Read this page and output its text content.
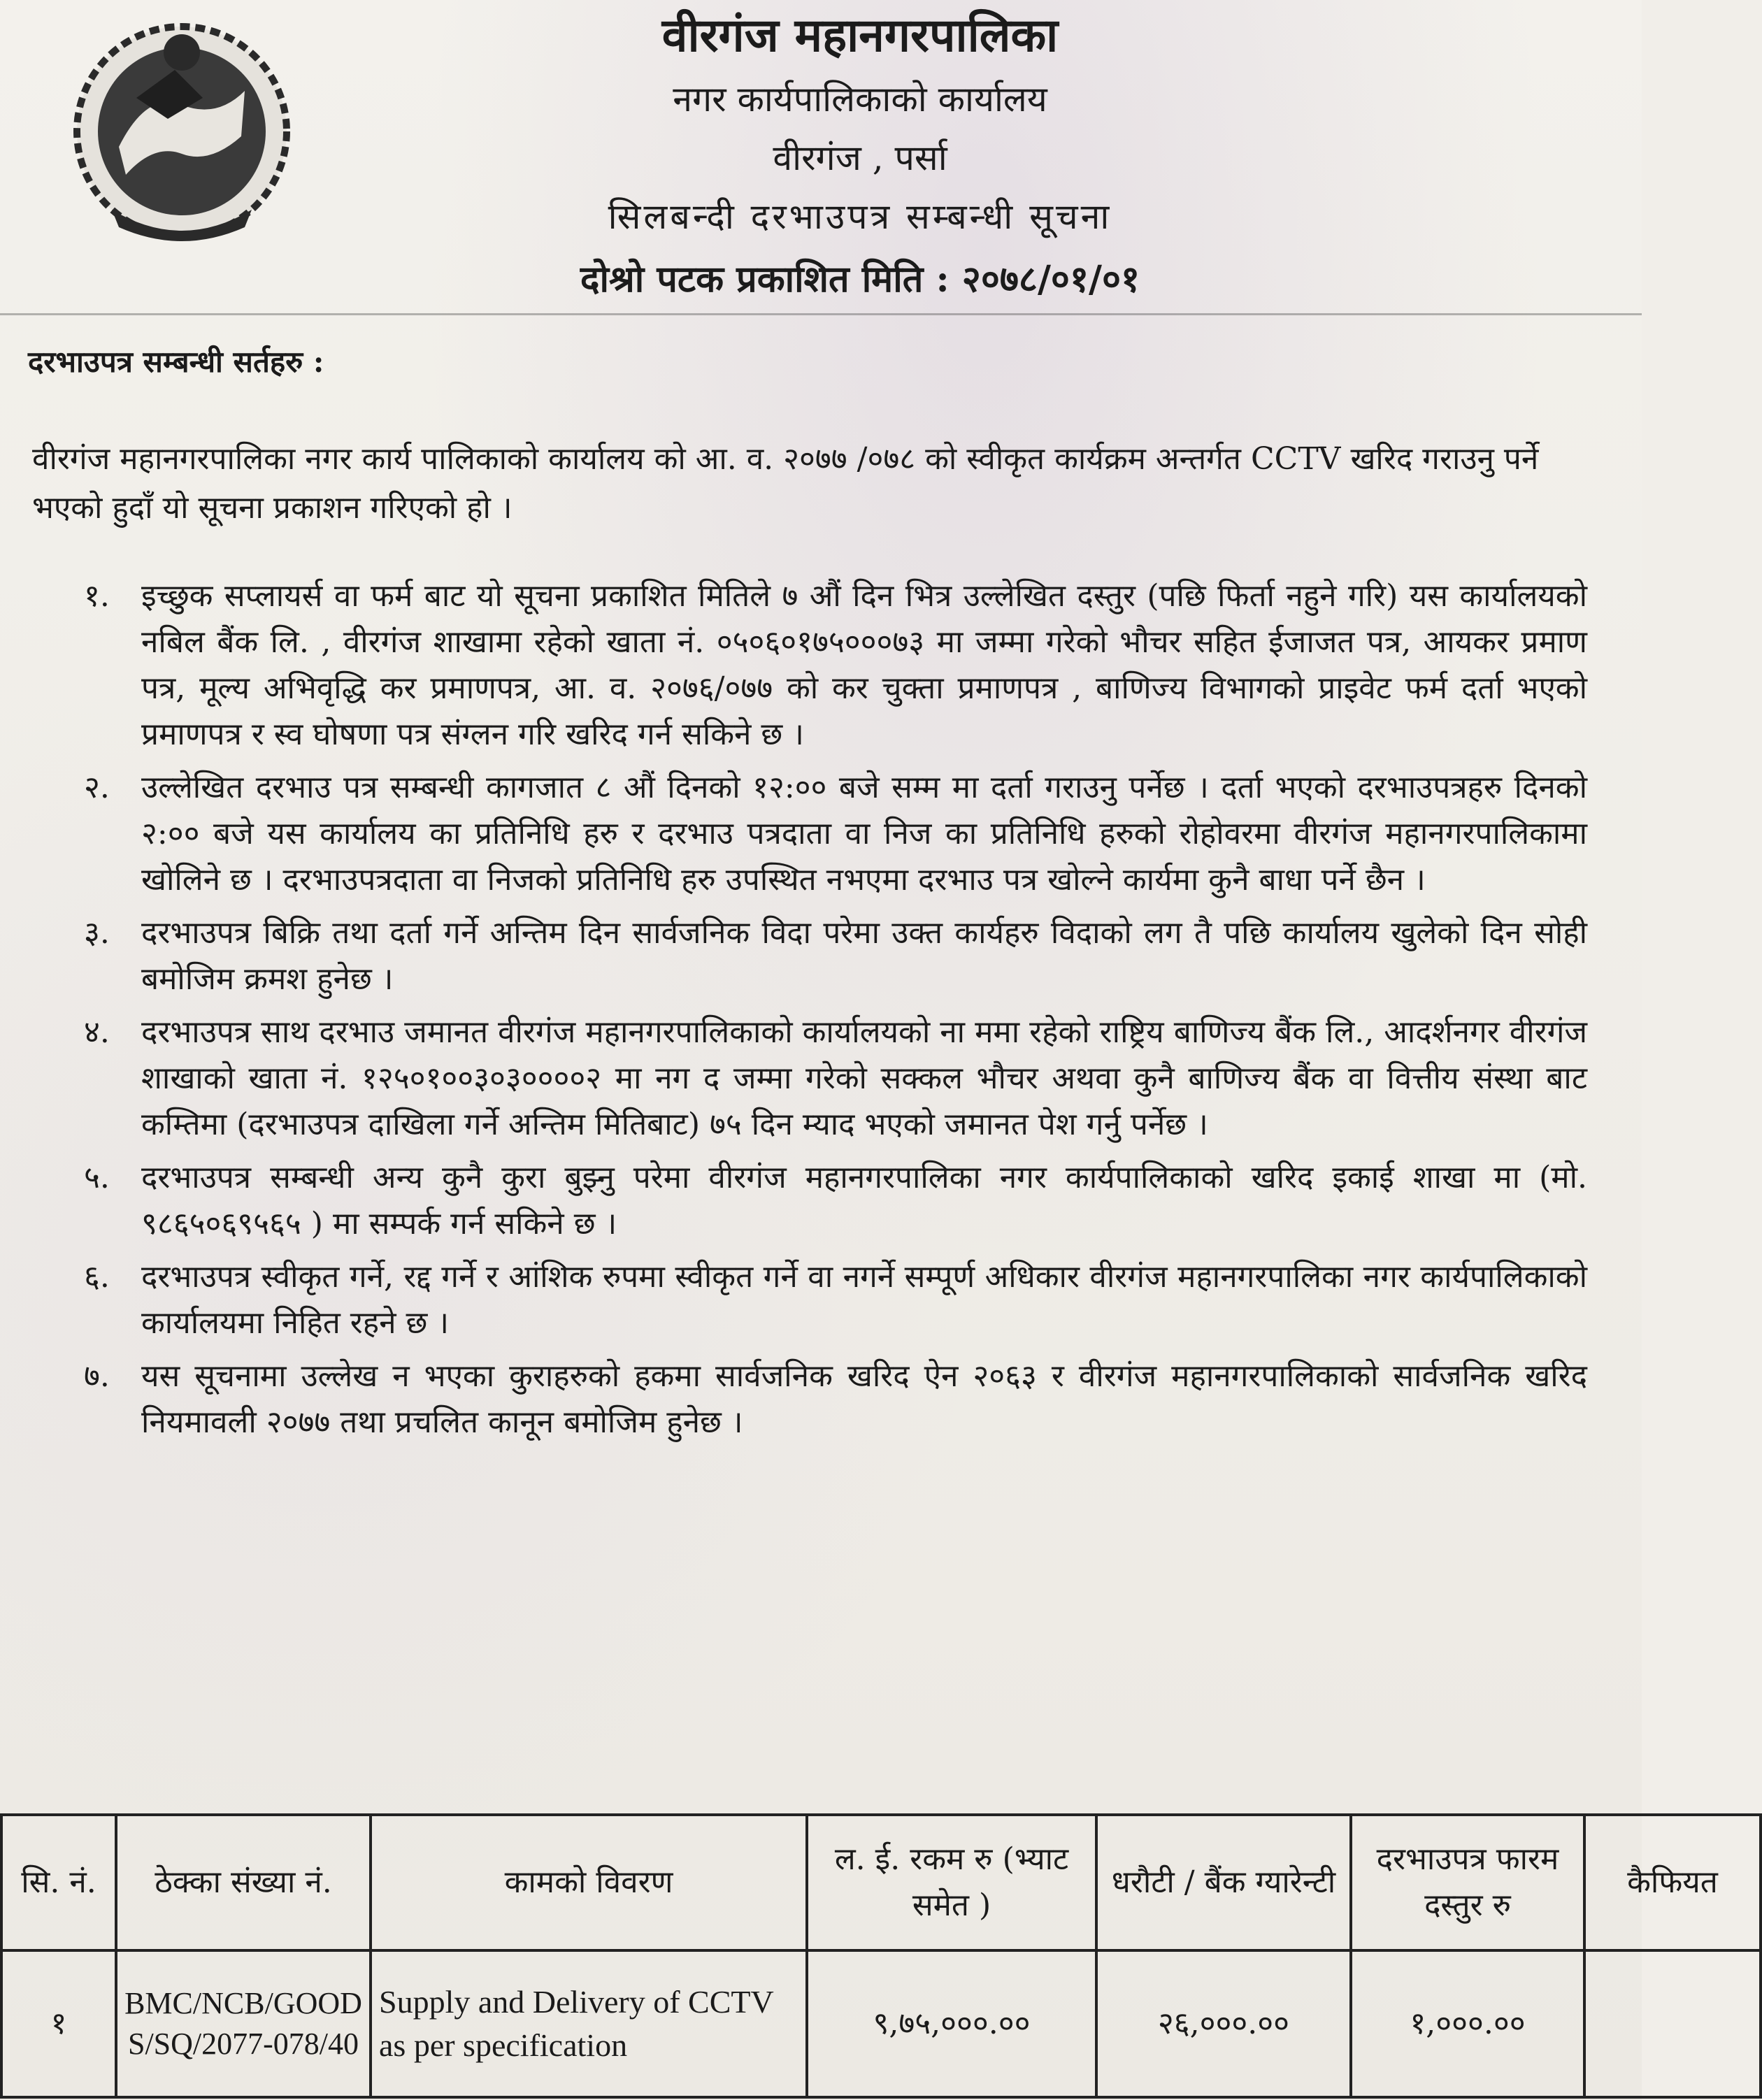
वीरगंज महानगरपालिका
नगर कार्यपालिकाको कार्यालय
वीरगंज , पर्सा
सिलबन्दी दरभाउपत्र सम्बन्धी सूचना
दोश्रो पटक प्रकाशित मिति : २०७८/०१/०१
दरभाउपत्र सम्बन्धी सर्तहरु :
वीरगंज महानगरपालिका नगर कार्य पालिकाको कार्यालय को आ. व. २०७७ /०७८ को स्वीकृत कार्यक्रम अन्तर्गत CCTV खरिद गराउनु पर्ने भएको हुदाँ यो सूचना प्रकाशन गरिएको हो ।
१.	इच्छुक सप्लायर्स वा फर्म बाट यो सूचना प्रकाशित मितिले ७ औं दिन भित्र उल्लेखित दस्तुर (पछि फिर्ता नहुने गरि) यस कार्यालयको नबिल बैंक लि. , वीरगंज शाखामा रहेको खाता नं. ०५०६०१७५०००७३ मा जम्मा गरेको भौचर सहित ईजाजत पत्र, आयकर प्रमाण पत्र, मूल्य अभिवृद्धि कर प्रमाणपत्र, आ. व. २०७६/०७७ को कर चुक्ता प्रमाणपत्र , बाणिज्य विभागको प्राइवेट फर्म दर्ता भएको प्रमाणपत्र र स्व घोषणा पत्र संग्लन गरि खरिद गर्न सकिने छ ।
२.	उल्लेखित दरभाउ पत्र सम्बन्धी कागजात ८ औं दिनको १२:०० बजे सम्म मा दर्ता गराउनु पर्नेछ । दर्ता भएको दरभाउपत्रहरु दिनको २:०० बजे यस कार्यालय का प्रतिनिधि हरु र दरभाउ पत्रदाता वा निज का प्रतिनिधि हरुको रोहोवरमा वीरगंज महानगरपालिकामा खोलिने छ । दरभाउपत्रदाता वा निजको प्रतिनिधि हरु उपस्थित नभएमा दरभाउ पत्र खोल्ने कार्यमा कुनै बाधा पर्ने छैन ।
३.	दरभाउपत्र बिक्रि तथा दर्ता गर्ने अन्तिम दिन सार्वजनिक विदा परेमा उक्त कार्यहरु विदाको लग तै पछि कार्यालय खुलेको दिन सोही बमोजिम क्रमश हुनेछ ।
४.	दरभाउपत्र साथ दरभाउ जमानत वीरगंज महानगरपालिकाको कार्यालयको ना ममा रहेको राष्ट्रिय बाणिज्य बैंक लि., आदर्शनगर वीरगंज शाखाको खाता नं. १२५०१००३०३००००२ मा नग द जम्मा गरेको सक्कल भौचर अथवा कुनै बाणिज्य बैंक वा वित्तीय संस्था बाट कम्तिमा (दरभाउपत्र दाखिला गर्ने अन्तिम मितिबाट) ७५ दिन म्याद भएको जमानत पेश गर्नु पर्नेछ ।
५.	दरभाउपत्र सम्बन्धी अन्य कुनै कुरा बुझ्नु परेमा वीरगंज महानगरपालिका नगर कार्यपालिकाको खरिद इकाई शाखा मा (मो. ९८६५०६९५६५ ) मा सम्पर्क गर्न सकिने छ ।
६.	दरभाउपत्र स्वीकृत गर्ने, रद्द गर्ने र आंशिक रुपमा स्वीकृत गर्ने वा नगर्ने सम्पूर्ण अधिकार वीरगंज महानगरपालिका नगर कार्यपालिकाको कार्यालयमा निहित रहने छ ।
७.	यस सूचनामा उल्लेख न भएका कुराहरुको हकमा सार्वजनिक खरिद ऐन २०६३ र वीरगंज महानगरपालिकाको सार्वजनिक खरिद नियमावली २०७७ तथा प्रचलित कानून बमोजिम हुनेछ ।
सि. नं.	ठेक्का संख्या नं.	कामको विवरण	ल. ई. रकम रु (भ्याट समेत )	धरौटी / बैंक ग्यारेन्टी	दरभाउपत्र फारम दस्तुर रु	कैफियत
१	BMC/NCB/GOODS/SQ/2077-078/40	Supply and Delivery of CCTV as per specification	९,७५,०००.००	२६,०००.००	१,०००.००	
